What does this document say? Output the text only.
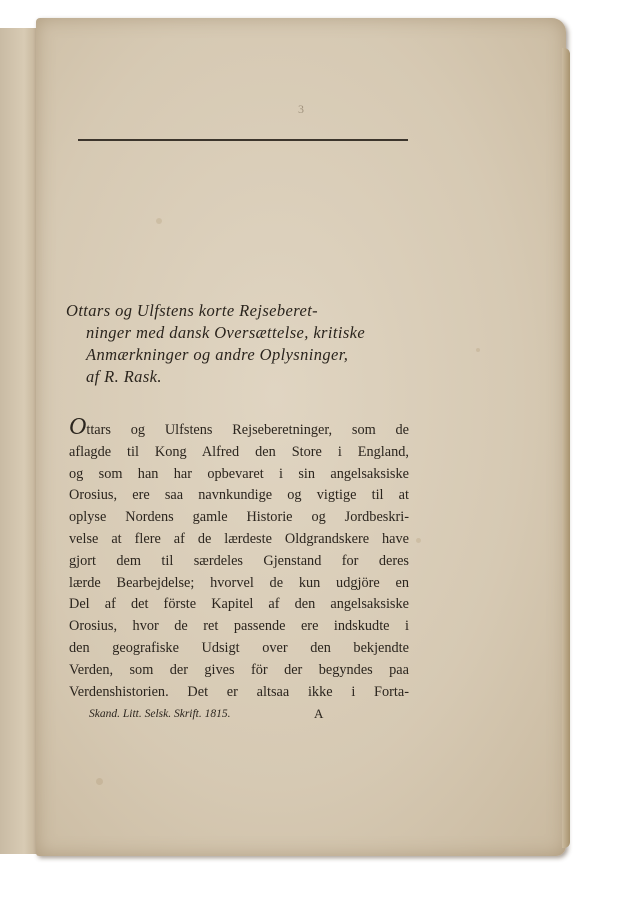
3
Ottars og Ulfstens korte Rejseberet-
ninger med dansk Oversættelse, kritiske
Anmærkninger og andre Oplysninger,
af R. Rask.
Ottars og Ulfstens Rejseberetninger, som de
aflagde til Kong Alfred den Store i England,
og som han har opbevaret i sin angelsaksiske
Orosius, ere saa navnkundige og vigtige til at
oplyse Nordens gamle Historie og Jordbeskri-
velse at flere af de lærdeste Oldgrandskere have
gjort dem til særdeles Gjenstand for deres
lærde Bearbejdelse; hvorvel de kun udgjöre en
Del af det förste Kapitel af den angelsaksiske
Orosius, hvor de ret passende ere indskudte i
den geografiske Udsigt over den bekjendte
Verden, som der gives för der begyndes paa
Verdenshistorien. Det er altsaa ikke i Forta-
Skand. Litt. Selsk. Skrift. 1815.	A
